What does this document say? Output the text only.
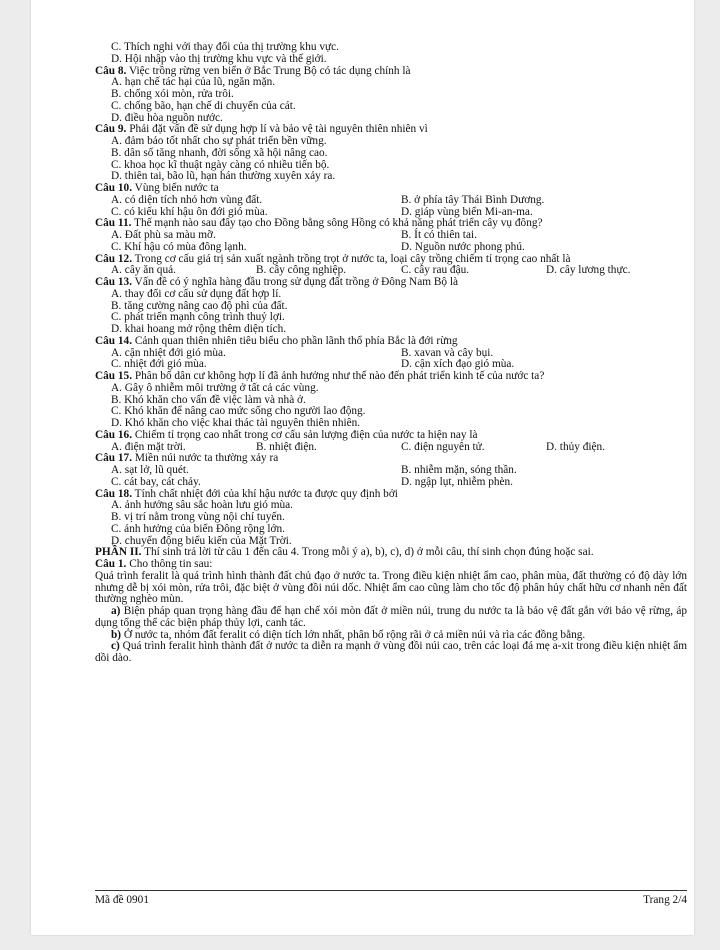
C. Thích nghi với thay đổi của thị trường khu vực.
D. Hội nhập vào thị trường khu vực và thế giới.
Câu 8. Việc trồng rừng ven biển ở Bắc Trung Bộ có tác dụng chính là
A. hạn chế tác hại của lũ, ngăn mặn.
B. chống xói mòn, rửa trôi.
C. chống bão, hạn chế di chuyển của cát.
D. điều hòa nguồn nước.
Câu 9. Phải đặt vấn đề sử dụng hợp lí và bảo vệ tài nguyên thiên nhiên vì
A. đảm bảo tốt nhất cho sự phát triển bền vững.
B. dân số tăng nhanh, đời sống xã hội nâng cao.
C. khoa học kĩ thuật ngày càng có nhiều tiến bộ.
D. thiên tai, bão lũ, hạn hán thường xuyên xảy ra.
Câu 10. Vùng biển nước ta
A. có diện tích nhỏ hơn vùng đất.	B. ở phía tây Thái Bình Dương.
C. có kiểu khí hậu ôn đới gió mùa.	D. giáp vùng biển Mi-an-ma.
Câu 11. Thế mạnh nào sau đây tạo cho Đồng bằng sông Hồng có khả năng phát triển cây vụ đông?
A. Đất phù sa màu mỡ.	B. Ít có thiên tai.
C. Khí hậu có mùa đông lạnh.	D. Nguồn nước phong phú.
Câu 12. Trong cơ cấu giá trị sản xuất ngành trồng trọt ở nước ta, loại cây trồng chiếm tỉ trọng cao nhất là
A. cây ăn quả.	B. cây công nghiệp.	C. cây rau đậu.	D. cây lương thực.
Câu 13. Vấn đề có ý nghĩa hàng đầu trong sử dụng đất trồng ở Đông Nam Bộ là
A. thay đổi cơ cấu sử dụng đất hợp lí.
B. tăng cường nâng cao độ phì của đất.
C. phát triển mạnh công trình thuỷ lợi.
D. khai hoang mở rộng thêm diện tích.
Câu 14. Cảnh quan thiên nhiên tiêu biểu cho phần lãnh thổ phía Bắc là đới rừng
A. cận nhiệt đới gió mùa.	B. xavan và cây bụi.
C. nhiệt đới gió mùa.	D. cận xích đạo gió mùa.
Câu 15. Phân bố dân cư không hợp lí đã ảnh hưởng như thế nào đến phát triển kinh tế của nước ta?
A. Gây ô nhiễm môi trường ở tất cả các vùng.
B. Khó khăn cho vấn đề việc làm và nhà ở.
C. Khó khăn để nâng cao mức sống cho người lao động.
D. Khó khăn cho việc khai thác tài nguyên thiên nhiên.
Câu 16. Chiếm tỉ trọng cao nhất trong cơ cấu sản lượng điện của nước ta hiện nay là
A. điện mặt trời.	B. nhiệt điện.	C. điện nguyên tử.	D. thủy điện.
Câu 17. Miền núi nước ta thường xảy ra
A. sạt lở, lũ quét.	B. nhiễm mặn, sóng thần.
C. cát bay, cát chảy.	D. ngập lụt, nhiễm phèn.
Câu 18. Tính chất nhiệt đới của khí hậu nước ta được quy định bởi
A. ảnh hưởng sâu sắc hoàn lưu gió mùa.
B. vị trí nằm trong vùng nội chí tuyến.
C. ảnh hưởng của biển Đông rộng lớn.
D. chuyển động biểu kiến của Mặt Trời.
PHẦN II. Thí sinh trả lời từ câu 1 đến câu 4. Trong mỗi ý a), b), c), d) ở mỗi câu, thí sinh chọn đúng hoặc sai.
Câu 1. Cho thông tin sau:
Quá trình feralit là quá trình hình thành đất chủ đạo ở nước ta. Trong điều kiện nhiệt ẩm cao, phân mùa, đất thường có độ dày lớn nhưng dễ bị xói mòn, rửa trôi, đặc biệt ở vùng đồi núi dốc. Nhiệt ẩm cao cũng làm cho tốc độ phân hủy chất hữu cơ nhanh nên đất thường nghèo mùn.
a) Biện pháp quan trọng hàng đầu để hạn chế xói mòn đất ở miền núi, trung du nước ta là bảo vệ đất gắn với bảo vệ rừng, áp dụng tổng thể các biện pháp thủy lợi, canh tác.
b) Ở nước ta, nhóm đất feralit có diện tích lớn nhất, phân bố rộng rãi ở cả miền núi và rìa các đồng bằng.
c) Quá trình feralit hình thành đất ở nước ta diễn ra mạnh ở vùng đồi núi cao, trên các loại đá mẹ a-xit trong điều kiện nhiệt ẩm dồi dào.
Mã đề 0901	Trang 2/4
